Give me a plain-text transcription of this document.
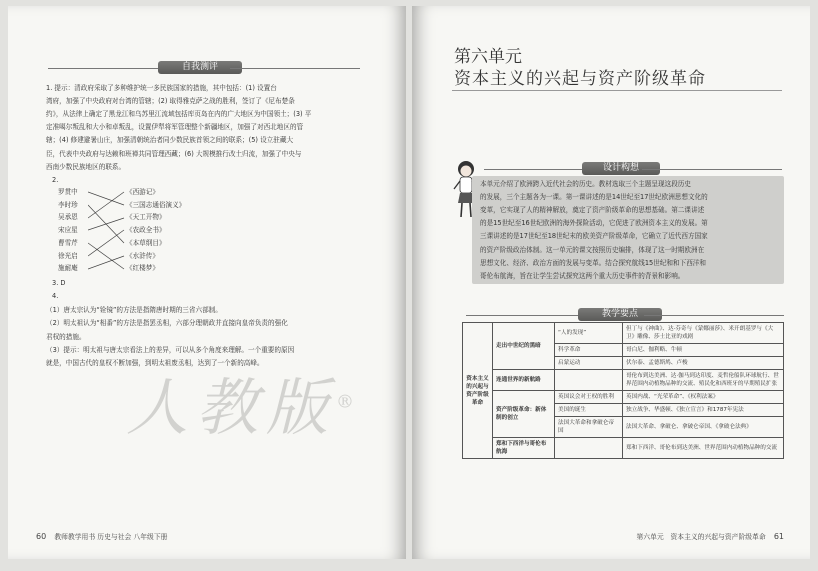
自我测评
1. 提示：清政府采取了多种维护统一多民族国家的措施，其中包括：(1) 设置台
湾府，加强了中央政府对台湾的管辖；(2) 取得雅克萨之战的胜利，签订了《尼布楚条
约》，从法律上确定了黑龙江和乌苏里江流域包括库页岛在内的广大地区为中国领土；(3) 平
定准噶尔叛乱和大小和卓叛乱，设置伊犁将军管理整个新疆地区，加强了对西北地区的管
辖；(4) 修建避暑山庄，加强清朝统治者同少数民族首领之间的联系；(5) 设立驻藏大
臣，代表中央政府与达赖和班禅共同管理西藏；(6) 大规模推行改土归流，加强了中央与
西南少数民族地区的联系。
2.
罗贯中
李时珍
吴承恩
宋应星
曹雪芹
徐光启
施耐庵
《西游记》
《三国志通俗演义》
《天工开物》
《农政全书》
《本草纲目》
《水浒传》
《红楼梦》
3. D
4.
（1）唐太宗认为“铨镜”的方法是指隋唐时期的三省六部制。
（2）明太祖认为“相番”的方法是指罢丞相，六部分理朝政并直接向皇帝负责的强化
君权的措施。
（3）提示：明太祖与唐太宗看法上的差异，可以从多个角度来理解。一个重要的原因
就是，中国古代的皇权不断加强，到明太祖废丞相，达到了一个新的高峰。
人教版®
60 教师教学用书 历史与社会 八年级下册
第六单元
资本主义的兴起与资产阶级革命
设计构想
本单元介绍了欧洲跨入近代社会的历史。教材选取三个主题呈现这段历史
的发展，三个主题各为一课。第一课讲述的是14世纪至17世纪欧洲思想文化的
变革，它实现了人的精神解放，奠定了资产阶级革命的思想基础。第二课讲述
的是15世纪至16世纪欧洲的海外探险活动，它促进了欧洲资本主义的发展。第
三课讲述的是17世纪至18世纪末的欧美资产阶级革命，它确立了近代西方国家
的资产阶级政治体制。这一单元的课文按照历史编排，体现了这一时期欧洲在
思想文化、经济、政治方面的发展与变革。结合探究航线15世纪和和下西洋和
哥伦布航海，旨在让学生尝试探究这两个重大历史事件的背景和影响。
教学要点
资本主义的兴起与资产阶级革命	走出中世纪的黑暗	“人的发现”	但丁与《神曲》、达·芬奇与《蒙娜丽莎》、米开朗基罗与《大卫》雕像、莎士比亚的戏剧
		科学革命	哥白尼、伽利略、牛顿
		启蒙运动	伏尔泰、孟德斯鸠、卢梭
	连通世界的新航路		哥伦布到达美洲、达·伽马到达印度、麦哲伦船队环球航行、世界范围内动植物品种的交流、殖民化和西班牙的早期殖民扩张
	资产阶级革命：新体制的创立	英国议会对王权的胜利	英国内战、“光荣革命”、《权利法案》
		美国的诞生	独立战争、华盛顿、《独立宣言》和1787年宪法
		法国大革命和拿破仑帝国	法国大革命、拿破仑、拿破仑帝国、《拿破仑法典》
	郑和下西洋与哥伦布航海		郑和下西洋、哥伦布到达美洲、世界范围内动植物品种的交流
第六单元　资本主义的兴起与资产阶级革命 61
